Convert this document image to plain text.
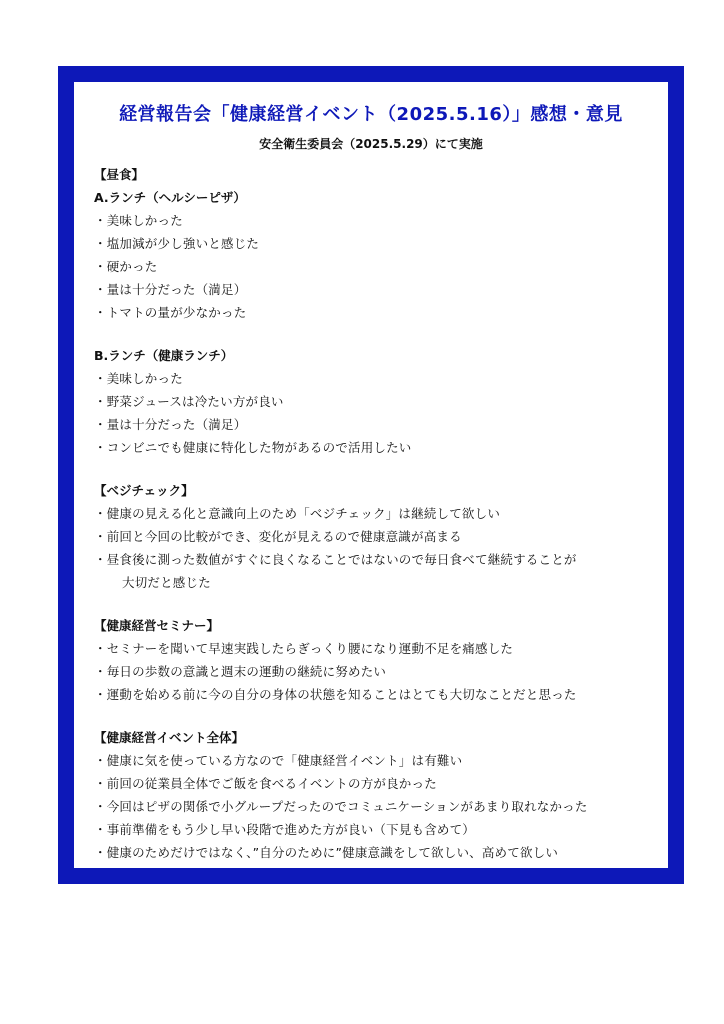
経営報告会「健康経営イベント（2025.5.16）」感想・意見
安全衛生委員会（2025.5.29）にて実施
【昼食】
A.ランチ（ヘルシーピザ）
・美味しかった
・塩加減が少し強いと感じた
・硬かった
・量は十分だった（満足）
・トマトの量が少なかった
B.ランチ（健康ランチ）
・美味しかった
・野菜ジュースは冷たい方が良い
・量は十分だった（満足）
・コンビニでも健康に特化した物があるので活用したい
【ベジチェック】
・健康の見える化と意識向上のため「ベジチェック」は継続して欲しい
・前回と今回の比較ができ、変化が見えるので健康意識が高まる
・昼食後に測った数値がすぐに良くなることではないので毎日食べて継続することが
大切だと感じた
【健康経営セミナー】
・セミナーを聞いて早速実践したらぎっくり腰になり運動不足を痛感した
・毎日の歩数の意識と週末の運動の継続に努めたい
・運動を始める前に今の自分の身体の状態を知ることはとても大切なことだと思った
【健康経営イベント全体】
・健康に気を使っている方なので「健康経営イベント」は有難い
・前回の従業員全体でご飯を食べるイベントの方が良かった
・今回はピザの関係で小グループだったのでコミュニケーションがあまり取れなかった
・事前準備をもう少し早い段階で進めた方が良い（下見も含めて）
・健康のためだけではなく、”自分のために”健康意識をして欲しい、高めて欲しい
